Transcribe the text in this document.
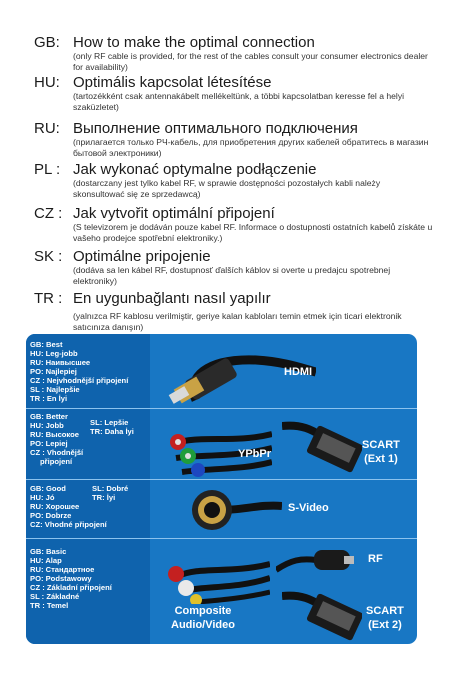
GB: How to make the optimal connection
(only RF cable is provided, for the rest of the cables consult your consumer electronics dealer for availability)
HU: Optimális kapcsolat létesítése
(tartozékként csak antennakábelt mellékeltünk, a többi kapcsolatban keresse fel a helyi szaküzletet)
RU: Выполнение оптимального подключения
(прилагается только РЧ-кабель, для приобретения других кабелей обратитесь в магазин бытовой электроники)
PL : Jak wykonać optymalne podłączenie
(dostarczany jest tylko kabel RF, w sprawie dostępności pozostałych kabli należy skonsultować się ze sprzedawcą)
CZ : Jak vytvořit optimální připojení
(S televizorem je dodáván pouze kabel RF. Informace o dostupnosti ostatních kabelů získáte u vašeho prodejce spotřební elektroniky.)
SK : Optimálne pripojenie
(dodáva sa len kábel RF, dostupnosť ďalších káblov si overte u predajcu spotrebnej elektroniky)
TR : En uygunbağlantı nasıl yapılır
(yalnızca RF kablosu verilmiştir, geriye kalan kabloları temin etmek için ticari elektronik satıcınıza danışın)
GB: Best
HU: Leg-jobb
RU: Наивысшее
PO: Najlepiej
CZ : Nejvhodnější připojení
SL : Najlepšie
TR : En İyi
GB: Better
HU: Jobb
RU: Высокое
PO: Lepiej
CZ : Vhodnější
připojení
SL: Lepšie
TR: Daha İyi
GB: Good
HU: Jó
RU: Хорошее
PO: Dobrze
CZ: Vhodné připojení
SL: Dobré
TR: İyi
GB: Basic
HU: Alap
RU: Стандартное
PO: Podstawowy
CZ : Základní připojení
SL : Základné
TR : Temel
HDMI
YPbPr
SCART
(Ext 1)
S-Video
Composite
Audio/Video
RF
SCART
(Ext 2)
